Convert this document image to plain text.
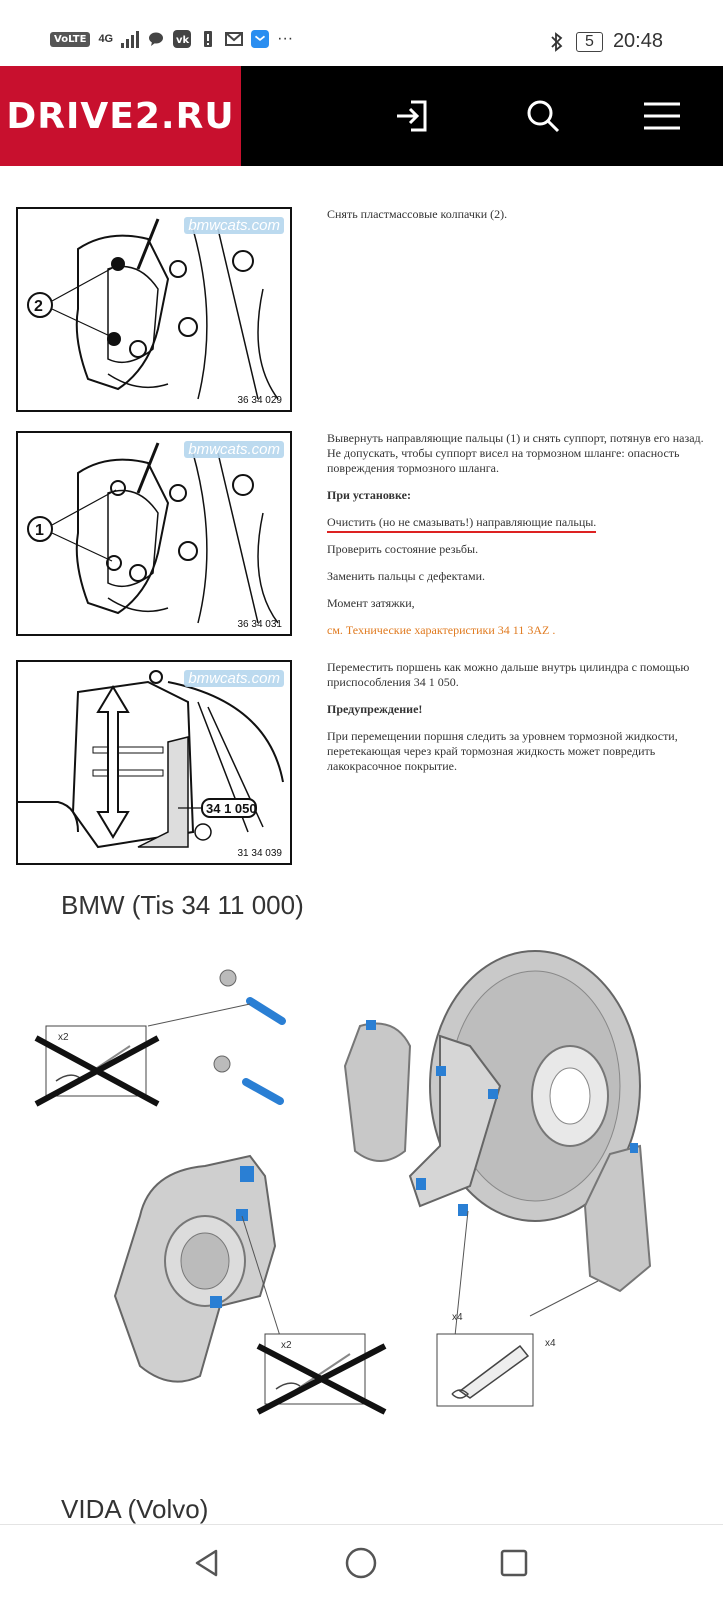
VoLTE	4G	vk	···	5 20:48
DRIVE2.RU
2
bmwcats.com
36 34 029

Снять пластмассовые колпачки (2).

1
bmwcats.com
36 34 031

Вывернуть направляющие пальцы (1) и снять суппорт, потянув его назад. Не допускать, чтобы суппорт висел на тормозном шланге: опасность повреждения тормозного шланга.

При установке:

Очистить (но не смазывать!) направляющие пальцы.

Проверить состояние резьбы.

Заменить пальцы с дефектами.

Момент затяжки,

см. Технические характеристики 34 11 3AZ .

34 1 050
bmwcats.com
31 34 039

Переместить поршень как можно дальше внутрь цилиндра с помощью приспособления 34 1 050.

Предупреждение!

При перемещении поршня следить за уровнем тормозной жидкости, перетекающая через край тормозная жидкость может повредить лакокрасочное покрытие.

BMW (Tis 34 11 000)
x2
x2
x4
x4
VIDA (Volvo)
